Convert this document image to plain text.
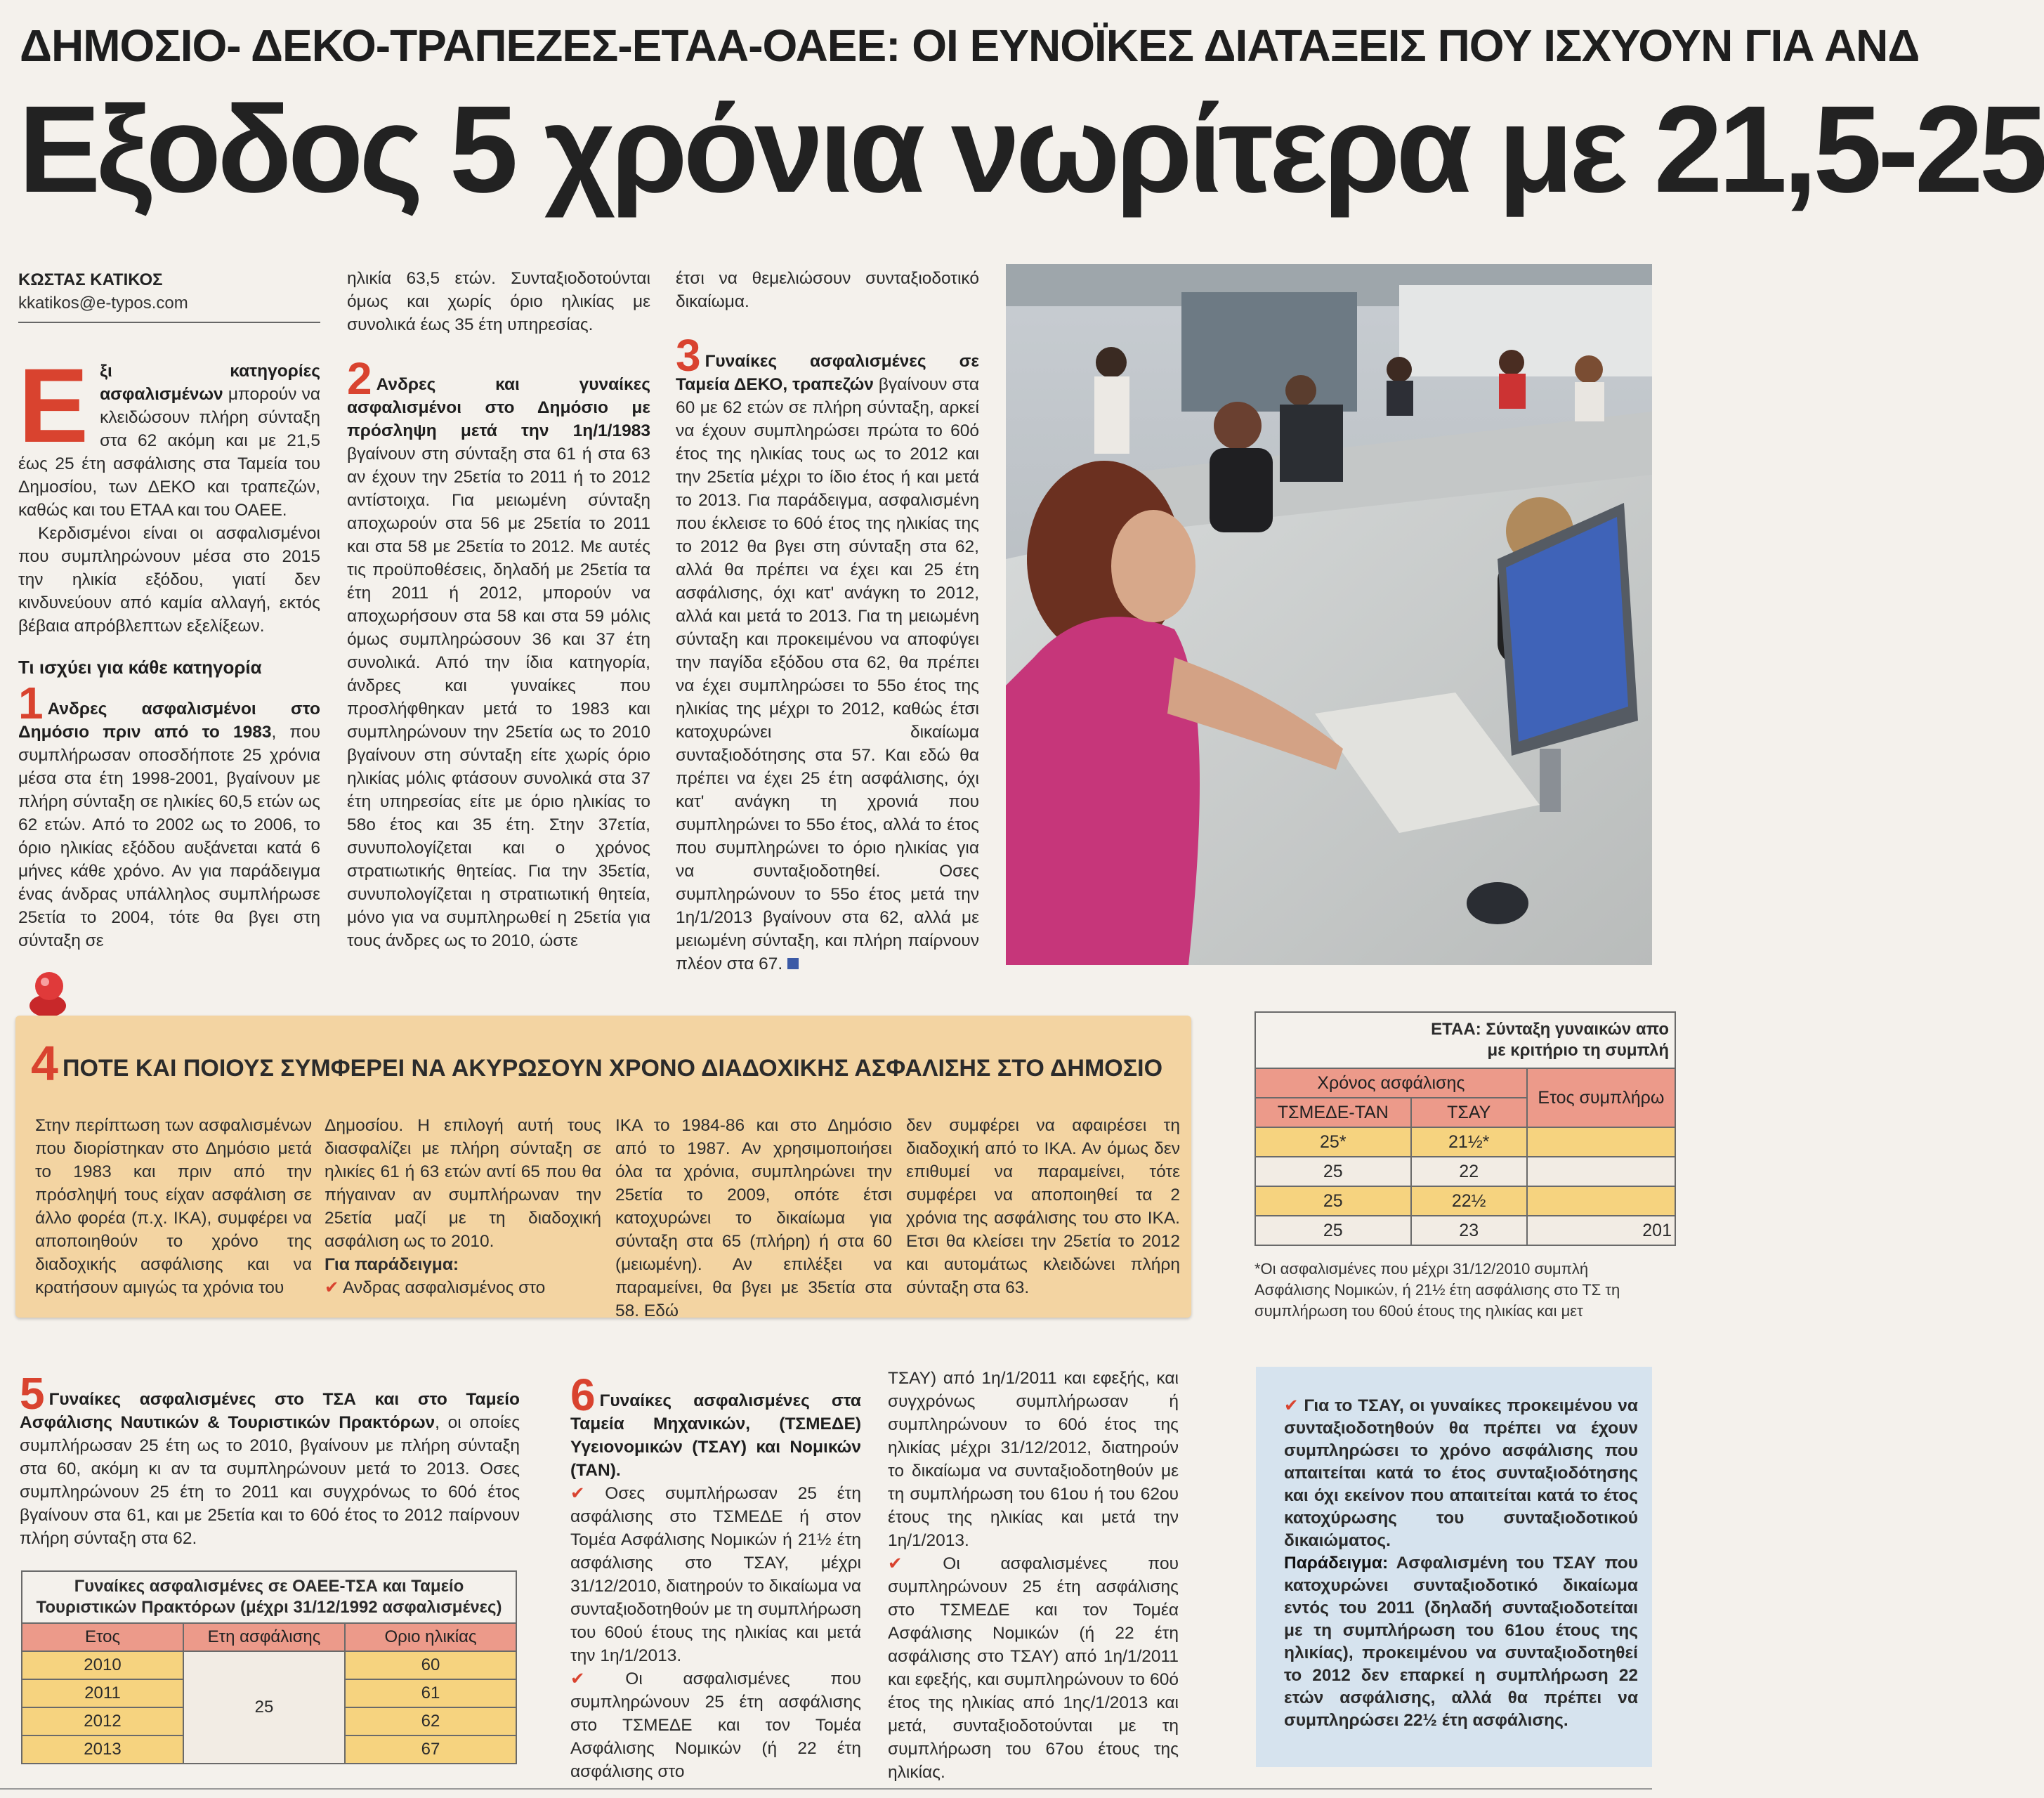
ΔΗΜΟΣΙΟ- ΔΕΚΟ-ΤΡΑΠΕΖΕΣ-ΕΤΑΑ-ΟΑΕΕ: ΟΙ ΕΥΝΟΪΚΕΣ ΔΙΑΤΑΞΕΙΣ ΠΟΥ ΙΣΧΥΟΥΝ ΓΙΑ ΑΝΔ
Εξοδος 5 χρόνια νωρίτερα με 21,5-25
ΚΩΣΤΑΣ ΚΑΤΙΚΟΣ
kkatikos@e-typos.com
Ε ξι κατηγορίες ασφαλισμένων μπορούν να κλειδώσουν πλήρη σύνταξη στα 62 ακόμη και με 21,5 έως 25 έτη ασφάλισης στα Ταμεία του Δημοσίου, των ΔΕΚΟ και τραπεζών, καθώς και του ΕΤΑΑ και του ΟΑΕΕ.

Κερδισμένοι είναι οι ασφαλισμένοι που συμπληρώνουν μέσα στο 2015 την ηλικία εξόδου, γιατί δεν κινδυνεύουν από καμία αλλαγή, εκτός βέβαια απρόβλεπτων εξελίξεων.

Τι ισχύει για κάθε κατηγορία

1 Ανδρες ασφαλισμένοι στο Δημόσιο πριν από το 1983, που συμπλήρωσαν οποσδήποτε 25 χρόνια μέσα στα έτη 1998-2001, βγαίνουν με πλήρη σύνταξη σε ηλικίες 60,5 ετών ως 62 ετών. Από το 2002 ως το 2006, το όριο ηλικίας εξόδου αυξάνεται κατά 6 μήνες κάθε χρόνο. Αν για παράδειγμα ένας άνδρας υπάλληλος συμπλήρωσε 25ετία το 2004, τότε θα βγει στη σύνταξη σε

ηλικία 63,5 ετών. Συνταξιοδοτούνται όμως και χωρίς όριο ηλικίας με συνολικά έως 35 έτη υπηρεσίας.

2 Ανδρες και γυναίκες ασφαλισμένοι στο Δημόσιο με πρόσληψη μετά την 1η/1/1983 βγαίνουν στη σύνταξη στα 61 ή στα 63 αν έχουν την 25ετία το 2011 ή το 2012 αντίστοιχα. Για μειωμένη σύνταξη αποχωρούν στα 56 με 25ετία το 2011 και στα 58 με 25ετία το 2012. Με αυτές τις προϋποθέσεις, δηλαδή με 25ετία τα έτη 2011 ή 2012, μπορούν να αποχωρήσουν στα 58 και στα 59 μόλις όμως συμπληρώσουν 36 και 37 έτη συνολικά. Από την ίδια κατηγορία, άνδρες και γυναίκες που προσλήφθηκαν μετά το 1983 και συμπληρώνουν την 25ετία ως το 2010 βγαίνουν στη σύνταξη είτε χωρίς όριο ηλικίας μόλις φτάσουν συνολικά στα 37 έτη υπηρεσίας είτε με όριο ηλικίας το 58ο έτος και 35 έτη. Στην 37ετία, συνυπολογίζεται και ο χρόνος στρατιωτικής θητείας. Για την 35ετία, συνυπολογίζεται η στρατιωτική θητεία, μόνο για να συμπληρωθεί η 25ετία για τους άνδρες ως το 2010, ώστε

έτσι να θεμελιώσουν συνταξιοδοτικό δικαίωμα.

3 Γυναίκες ασφαλισμένες σε Ταμεία ΔΕΚΟ, τραπεζών βγαίνουν στα 60 με 62 ετών σε πλήρη σύνταξη, αρκεί να έχουν συμπληρώσει πρώτα το 60ό έτος της ηλικίας τους ως το 2012 και την 25ετία μέχρι το ίδιο έτος ή και μετά το 2013. Για παράδειγμα, ασφαλισμένη που έκλεισε το 60ό έτος της ηλικίας της το 2012 θα βγει στη σύνταξη στα 62, αλλά θα πρέπει να έχει και 25 έτη ασφάλισης, όχι κατ' ανάγκη το 2012, αλλά και μετά το 2013. Για τη μειωμένη σύνταξη και προκειμένου να αποφύγει την παγίδα εξόδου στα 62, θα πρέπει να έχει συμπληρώσει το 55ο έτος της ηλικίας της μέχρι το 2012, καθώς έτσι κατοχυρώνει δικαίωμα συνταξιοδότησης στα 57. Και εδώ θα πρέπει να έχει 25 έτη ασφάλισης, όχι κατ' ανάγκη τη χρονιά που συμπληρώνει το 55ο έτος, αλλά το έτος που συμπληρώνει το όριο ηλικίας για να συνταξιοδοτηθεί. Οσες συμπληρώνουν το 55ο έτος μετά την 1η/1/2013 βγαίνουν στα 62, αλλά με μειωμένη σύνταξη, και πλήρη παίρνουν πλέον στα 67.

4 ΠΟΤΕ ΚΑΙ ΠΟΙΟΥΣ ΣΥΜΦΕΡΕΙ ΝΑ ΑΚΥΡΩΣΟΥΝ ΧΡΟΝΟ ΔΙΑΔΟΧΙΚΗΣ ΑΣΦΑΛΙΣΗΣ ΣΤΟ ΔΗΜΟΣΙΟ
Στην περίπτωση των ασφαλισμένων που διορίστηκαν στο Δημόσιο μετά το 1983 και πριν από την πρόσληψή τους είχαν ασφάλιση σε άλλο φορέα (π.χ. ΙΚΑ), συμφέρει να αποποιηθούν το χρόνο της διαδοχικής ασφάλισης και να κρατήσουν αμιγώς τα χρόνια του
Δημοσίου. Η επιλογή αυτή τους διασφαλίζει με πλήρη σύνταξη σε ηλικίες 61 ή 63 ετών αντί 65 που θα πήγαιναν αν συμπλήρωναν την 25ετία μαζί με τη διαδοχική ασφάλιση ως το 2010.
Για παράδειγμα:
✔ Ανδρας ασφαλισμένος στο
ΙΚΑ το 1984-86 και στο Δημόσιο από το 1987. Αν χρησιμοποιήσει όλα τα χρόνια, συμπληρώνει την 25ετία το 2009, οπότε έτσι κατοχυρώνει το δικαίωμα για σύνταξη στα 65 (πλήρη) ή στα 60 (μειωμένη). Αν επιλέξει να παραμείνει, θα βγει με 35ετία στα 58. Εδώ
δεν συμφέρει να αφαιρέσει τη διαδοχική από το ΙΚΑ. Αν όμως δεν επιθυμεί να παραμείνει, τότε συμφέρει να αποποιηθεί τα 2 χρόνια της ασφάλισης του στο ΙΚΑ. Ετσι θα κλείσει την 25ετία το 2012 και αυτομάτως κλειδώνει πλήρη σύνταξη στα 63.
ΕΤΑΑ: Σύνταξη γυναικών απο
με κριτήριο τη συμπλή		
Χρόνος ασφάλισης		Ετος συμπλήρω
ΤΣΜΕΔΕ-ΤΑΝ	ΤΣΑΥ	
25*	21½*	
25	22	
25	22½	
25	23	201
*Οι ασφαλισμένες που μέχρι 31/12/2010 συμπλή Ασφάλισης Νομικών, ή 21½ έτη ασφάλισης στο ΤΣ τη συμπλήρωση του 60ού έτους της ηλικίας και μετ

5 Γυναίκες ασφαλισμένες στο ΤΣΑ και στο Ταμείο Ασφάλισης Ναυτικών & Τουριστικών Πρακτόρων, οι οποίες συμπλήρωσαν 25 έτη ως το 2010, βγαίνουν με πλήρη σύνταξη στα 60, ακόμη κι αν τα συμπληρώνουν μετά το 2013. Οσες συμπληρώνουν 25 έτη το 2011 και συγχρόνως το 60ό έτος βγαίνουν στα 61, και με 25ετία και το 60ό έτος το 2012 παίρνουν πλήρη σύνταξη στα 62.

Γυναίκες ασφαλισμένες σε ΟΑΕΕ-ΤΣΑ και Ταμείο Τουριστικών Πρακτόρων (μέχρι 31/12/1992 ασφαλισμένες)
Ετος	Ετη ασφάλισης	Οριο ηλικίας
2010	25	60
2011		61
2012		62
2013		67

6 Γυναίκες ασφαλισμένες στα Ταμεία Μηχανικών, (ΤΣΜΕΔΕ) Υγειονομικών (ΤΣΑΥ) και Νομικών (ΤΑΝ).

✔ Οσες συμπλήρωσαν 25 έτη ασφάλισης στο ΤΣΜΕΔΕ ή στον Τομέα Ασφάλισης Νομικών ή 21½ έτη ασφάλισης στο ΤΣΑΥ, μέχρι 31/12/2010, διατηρούν το δικαίωμα να συνταξιοδοτηθούν με τη συμπλήρωση του 60ού έτους της ηλικίας και μετά την 1η/1/2013.

✔ Οι ασφαλισμένες που συμπληρώνουν 25 έτη ασφάλισης στο ΤΣΜΕΔΕ και τον Τομέα Ασφάλισης Νομικών (ή 22 έτη ασφάλισης στο

ΤΣΑΥ) από 1η/1/2011 και εφεξής, και συγχρόνως συμπλήρωσαν ή συμπληρώνουν το 60ό έτος της ηλικίας μέχρι 31/12/2012, διατηρούν το δικαίωμα να συνταξιοδοτηθούν με τη συμπλήρωση του 61ου ή του 62ου έτους της ηλικίας και μετά την 1η/1/2013.

✔ Οι ασφαλισμένες που συμπληρώνουν 25 έτη ασφάλισης στο ΤΣΜΕΔΕ και τον Τομέα Ασφάλισης Νομικών (ή 22 έτη ασφάλισης στο ΤΣΑΥ) από 1η/1/2011 και εφεξής, και συμπληρώνουν το 60ό έτος της ηλικίας από 1ης/1/2013 και μετά, συνταξιοδοτούνται με τη συμπλήρωση του 67ου έτους της ηλικίας.

✔ Για το ΤΣΑΥ, οι γυναίκες προκειμένου να συνταξιοδοτηθούν θα πρέπει να έχουν συμπληρώσει το χρόνο ασφάλισης που απαιτείται κατά το έτος συνταξιοδότησης και όχι εκείνον που απαιτείται κατά το έτος κατοχύρωσης του συνταξιοδοτικού δικαιώματος.
Παράδειγμα: Ασφαλισμένη του ΤΣΑΥ που κατοχυρώνει συνταξιοδοτικό δικαίωμα εντός του 2011 (δηλαδή συνταξιοδοτείται με τη συμπλήρωση του 61ου έτους της ηλικίας), προκειμένου να συνταξιοδοτηθεί το 2012 δεν επαρκεί η συμπλήρωση 22 ετών ασφάλισης, αλλά θα πρέπει να συμπληρώσει 22½ έτη ασφάλισης.
